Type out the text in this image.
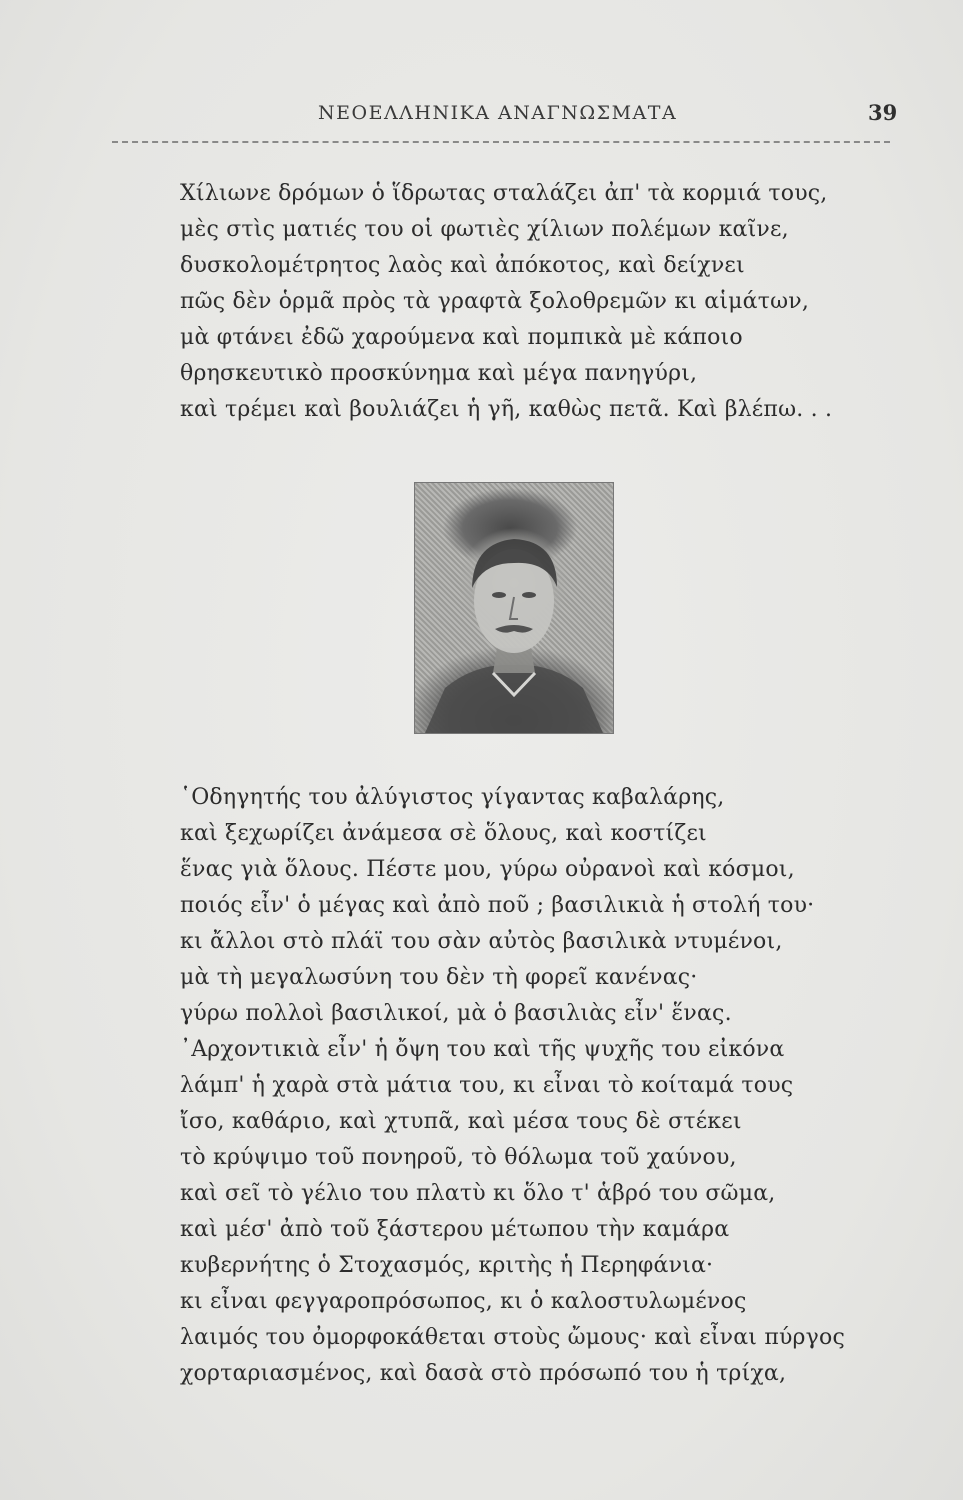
ΝΕΟΕΛΛΗΝΙΚΑ ΑΝΑΓΝΩΣΜΑΤΑ	39
Χίλιωνε δρόμων ὁ ἵδρωτας σταλάζει ἀπ' τὰ κορμιά τους,
μὲς στὶς ματιές του οἱ φωτιὲς χίλιων πολέμων καῖνε,
δυσκολομέτρητος λαὸς καὶ ἀπόκοτος, καὶ δείχνει
πῶς δὲν ὁρμᾶ πρὸς τὰ γραφτὰ ξολοθρεμῶν κι αἱμάτων,
μὰ φτάνει ἐδῶ χαρούμενα καὶ πομπικὰ μὲ κάποιο
θρησκευτικὸ προσκύνημα καὶ μέγα πανηγύρι,
καὶ τρέμει καὶ βουλιάζει ἡ γῆ, καθὼς πετᾶ. Καὶ βλέπω. . .
῾Οδηγητής του ἀλύγιστος γίγαντας καβαλάρης,
καὶ ξεχωρίζει ἀνάμεσα σὲ ὅλους, καὶ κοστίζει
ἕνας γιὰ ὅλους. Πέστε μου, γύρω οὐρανοὶ καὶ κόσμοι,
ποιός εἶν' ὁ μέγας καὶ ἀπὸ ποῦ ; βασιλικιὰ ἡ στολή του·
κι ἄλλοι στὸ πλάϊ του σὰν αὐτὸς βασιλικὰ ντυμένοι,
μὰ τὴ μεγαλωσύνη του δὲν τὴ φορεῖ κανένας·
γύρω πολλοὶ βασιλικοί, μὰ ὁ βασιλιὰς εἶν' ἕνας.
᾿Αρχοντικιὰ εἶν' ἡ ὄψη του καὶ τῆς ψυχῆς του εἰκόνα
λάμπ' ἡ χαρὰ στὰ μάτια του, κι εἶναι τὸ κοίταμά τους
ἴσο, καθάριο, καὶ χτυπᾶ, καὶ μέσα τους δὲ στέκει
τὸ κρύψιμο τοῦ πονηροῦ, τὸ θόλωμα τοῦ χαύνου,
καὶ σεῖ τὸ γέλιο του πλατὺ κι ὅλο τ' ἁβρό του σῶμα,
καὶ μέσ' ἀπὸ τοῦ ξάστερου μέτωπου τὴν καμάρα
κυβερνήτης ὁ Στοχασμός, κριτὴς ἡ Περηφάνια·
κι εἶναι φεγγαροπρόσωπος, κι ὁ καλοστυλωμένος
λαιμός του ὀμορφοκάθεται στοὺς ὤμους· καὶ εἶναι πύργος
χορταριασμένος, καὶ δασὰ στὸ πρόσωπό του ἡ τρίχα,
